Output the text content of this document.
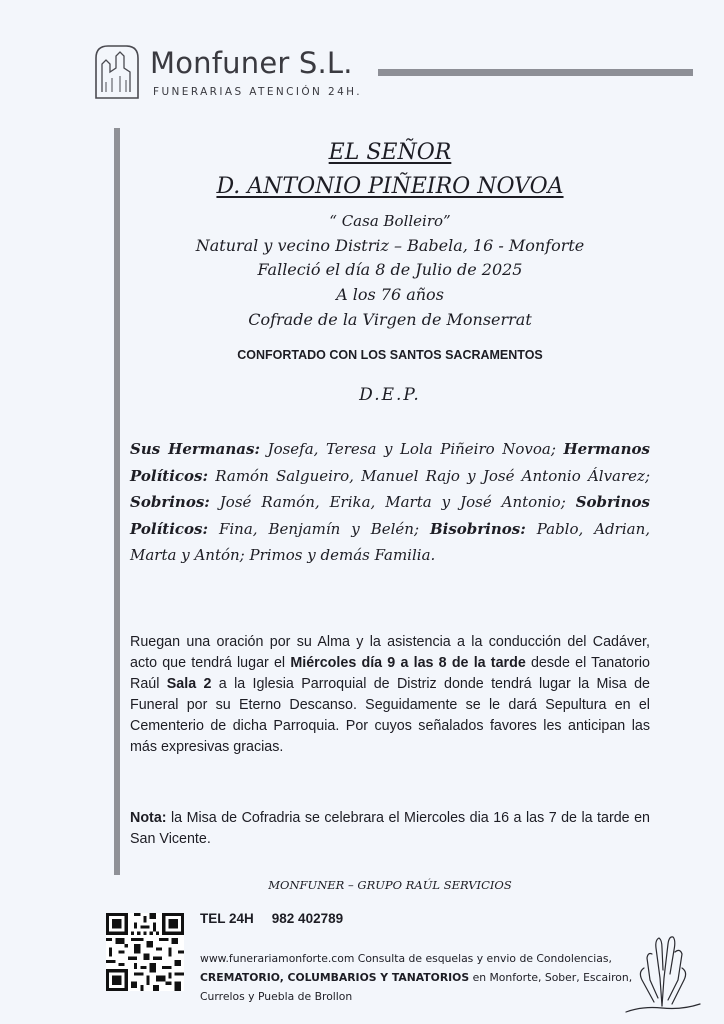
Monfuner S.L.
FUNERARIAS ATENCIÓN 24H.
EL SEÑOR
D. ANTONIO PIÑEIRO NOVOA
“ Casa Bolleiro”
Natural y vecino Distriz – Babela, 16 - Monforte
Falleció el día 8 de Julio de 2025
A los 76 años
Cofrade de la Virgen de Monserrat
CONFORTADO CON LOS SANTOS SACRAMENTOS
D.E.P.

Sus Hermanas: Josefa, Teresa y Lola Piñeiro Novoa; Hermanos Políticos: Ramón Salgueiro, Manuel Rajo y José Antonio Álvarez; Sobrinos: José Ramón, Erika, Marta y José Antonio; Sobrinos Políticos: Fina, Benjamín y Belén; Bisobrinos: Pablo, Adrian, Marta y Antón; Primos y demás Familia.

Ruegan una oración por su Alma y la asistencia a la conducción del Cadáver, acto que tendrá lugar el Miércoles día 9 a las 8 de la tarde desde el Tanatorio Raúl Sala 2 a la Iglesia Parroquial de Distriz donde tendrá lugar la Misa de Funeral por su Eterno Descanso. Seguidamente se le dará Sepultura en el Cementerio de dicha Parroquia. Por cuyos señalados favores les anticipan las más expresivas gracias.

Nota: la Misa de Cofradria se celebrara el Miercoles dia 16 a las 7 de la tarde en San Vicente.

MONFUNER – GRUPO RAÚL SERVICIOS
TEL 24H 982 402789

www.funerariamonforte.com Consulta de esquelas y envio de Condolencias, CREMATORIO, COLUMBARIOS Y TANATORIOS en Monforte, Sober, Escairon, Currelos y Puebla de Brollon
